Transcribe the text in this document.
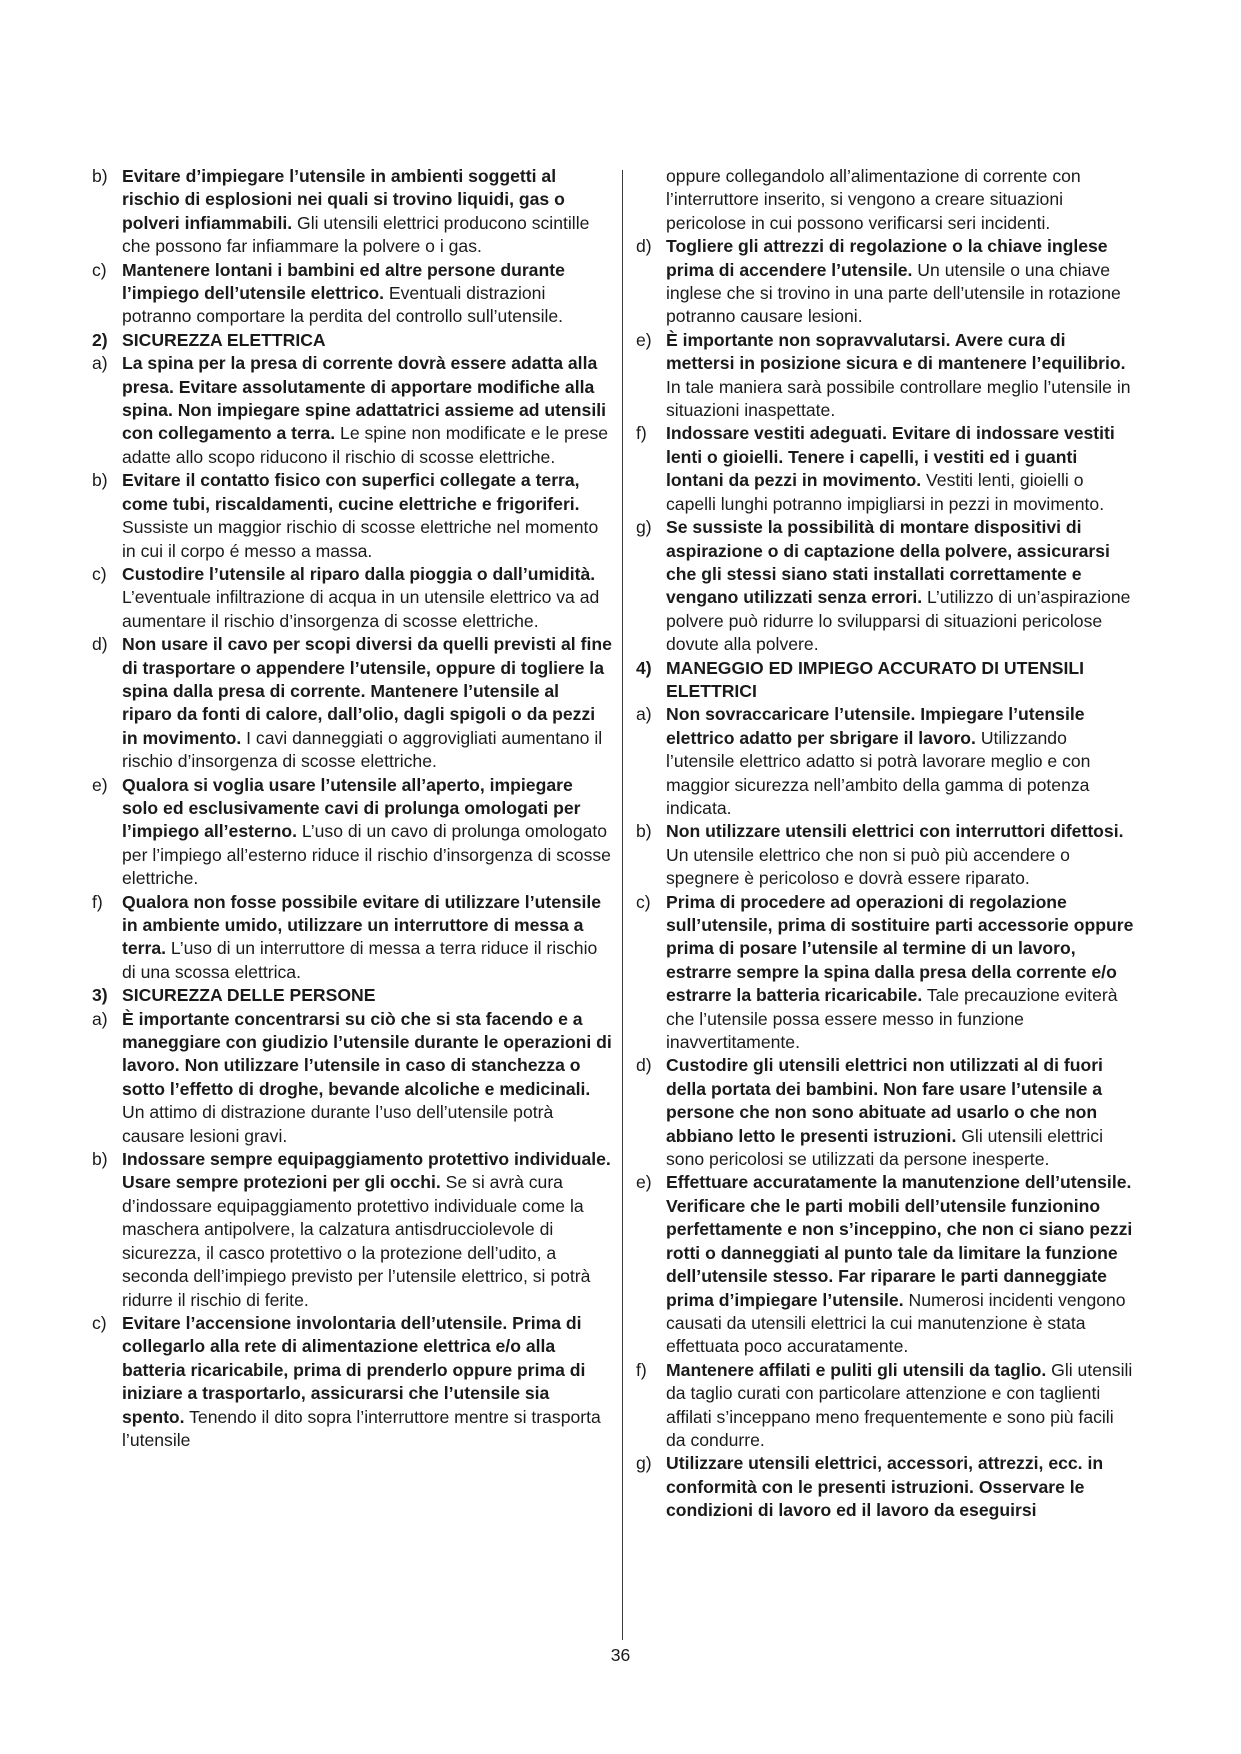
b) Evitare d’impiegare l’utensile in ambienti soggetti al rischio di esplosioni nei quali si trovino liquidi, gas o polveri infiammabili. Gli utensili elettrici producono scintille che possono far infiammare la polvere o i gas.
c) Mantenere lontani i bambini ed altre persone durante l’impiego dell’utensile elettrico. Eventuali distrazioni potranno comportare la perdita del controllo sull’utensile.
2) SICUREZZA ELETTRICA
a) La spina per la presa di corrente dovrà essere adatta alla presa. Evitare assolutamente di apportare modifiche alla spina. Non impiegare spine adattatrici assieme ad utensili con collegamento a terra. Le spine non modificate e le prese adatte allo scopo riducono il rischio di scosse elettriche.
b) Evitare il contatto fisico con superfici collegate a terra, come tubi, riscaldamenti, cucine elettriche e frigoriferi. Sussiste un maggior rischio di scosse elettriche nel momento in cui il corpo é messo a massa.
c) Custodire l’utensile al riparo dalla pioggia o dall’umidità. L’eventuale infiltrazione di acqua in un utensile elettrico va ad aumentare il rischio d’insorgenza di scosse elettriche.
d) Non usare il cavo per scopi diversi da quelli previsti al fine di trasportare o appendere l’utensile, oppure di togliere la spina dalla presa di corrente. Mantenere l’utensile al riparo da fonti di calore, dall’olio, dagli spigoli o da pezzi in movimento. I cavi danneggiati o aggrovigliati aumentano il rischio d’insorgenza di scosse elettriche.
e) Qualora si voglia usare l’utensile all’aperto, impiegare solo ed esclusivamente cavi di prolunga omologati per l’impiego all’esterno. L’uso di un cavo di prolunga omologato per l’impiego all’esterno riduce il rischio d’insorgenza di scosse elettriche.
f) Qualora non fosse possibile evitare di utilizzare l’utensile in ambiente umido, utilizzare un interruttore di messa a terra. L’uso di un interruttore di messa a terra riduce il rischio di una scossa elettrica.
3) SICUREZZA DELLE PERSONE
a) È importante concentrarsi su ciò che si sta facendo e a maneggiare con giudizio l’utensile durante le operazioni di lavoro. Non utilizzare l’utensile in caso di stanchezza o sotto l’effetto di droghe, bevande alcoliche e medicinali. Un attimo di distrazione durante l’uso dell’utensile potrà causare lesioni gravi.
b) Indossare sempre equipaggiamento protettivo individuale. Usare sempre protezioni per gli occhi. Se si avrà cura d’indossare equipaggiamento protettivo individuale come la maschera antipolvere, la calzatura antisdrucciolevole di sicurezza, il casco protettivo o la protezione dell’udito, a seconda dell’impiego previsto per l’utensile elettrico, si potrà ridurre il rischio di ferite.
c) Evitare l’accensione involontaria dell’utensile. Prima di collegarlo alla rete di alimentazione elettrica e/o alla batteria ricaricabile, prima di prenderlo oppure prima di iniziare a trasportarlo, assicurarsi che l’utensile sia spento. Tenendo il dito sopra l’interruttore mentre si trasporta l’utensile
oppure collegandolo all’alimentazione di corrente con l’interruttore inserito, si vengono a creare situazioni pericolose in cui possono verificarsi seri incidenti.
d) Togliere gli attrezzi di regolazione o la chiave inglese prima di accendere l’utensile. Un utensile o una chiave inglese che si trovino in una parte dell’utensile in rotazione potranno causare lesioni.
e) È importante non sopravvalutarsi. Avere cura di mettersi in posizione sicura e di mantenere l’equilibrio. In tale maniera sarà possibile controllare meglio l’utensile in situazioni inaspettate.
f) Indossare vestiti adeguati. Evitare di indossare vestiti lenti o gioielli. Tenere i capelli, i vestiti ed i guanti lontani da pezzi in movimento. Vestiti lenti, gioielli o capelli lunghi potranno impigliarsi in pezzi in movimento.
g) Se sussiste la possibilità di montare dispositivi di aspirazione o di captazione della polvere, assicurarsi che gli stessi siano stati installati correttamente e vengano utilizzati senza errori. L’utilizzo di un’aspirazione polvere può ridurre lo svilupparsi di situazioni pericolose dovute alla polvere.
4) MANEGGIO ED IMPIEGO ACCURATO DI UTENSILI ELETTRICI
a) Non sovraccaricare l’utensile. Impiegare l’utensile elettrico adatto per sbrigare il lavoro. Utilizzando l’utensile elettrico adatto si potrà lavorare meglio e con maggior sicurezza nell’ambito della gamma di potenza indicata.
b) Non utilizzare utensili elettrici con interruttori difettosi. Un utensile elettrico che non si può più accendere o spegnere è pericoloso e dovrà essere riparato.
c) Prima di procedere ad operazioni di regolazione sull’utensile, prima di sostituire parti accessorie oppure prima di posare l’utensile al termine di un lavoro, estrarre sempre la spina dalla presa della corrente e/o estrarre la batteria ricaricabile. Tale precauzione eviterà che l’utensile possa essere messo in funzione inavvertitamente.
d) Custodire gli utensili elettrici non utilizzati al di fuori della portata dei bambini. Non fare usare l’utensile a persone che non sono abituate ad usarlo o che non abbiano letto le presenti istruzioni. Gli utensili elettrici sono pericolosi se utilizzati da persone inesperte.
e) Effettuare accuratamente la manutenzione dell’utensile. Verificare che le parti mobili dell’utensile funzionino perfettamente e non s’inceppino, che non ci siano pezzi rotti o danneggiati al punto tale da limitare la funzione dell’utensile stesso. Far riparare le parti danneggiate prima d’impiegare l’utensile. Numerosi incidenti vengono causati da utensili elettrici la cui manutenzione è stata effettuata poco accuratamente.
f) Mantenere affilati e puliti gli utensili da taglio. Gli utensili da taglio curati con particolare attenzione e con taglienti affilati s’inceppano meno frequentemente e sono più facili da condurre.
g) Utilizzare utensili elettrici, accessori, attrezzi, ecc. in conformità con le presenti istruzioni. Osservare le condizioni di lavoro ed il lavoro da eseguirsi
36
